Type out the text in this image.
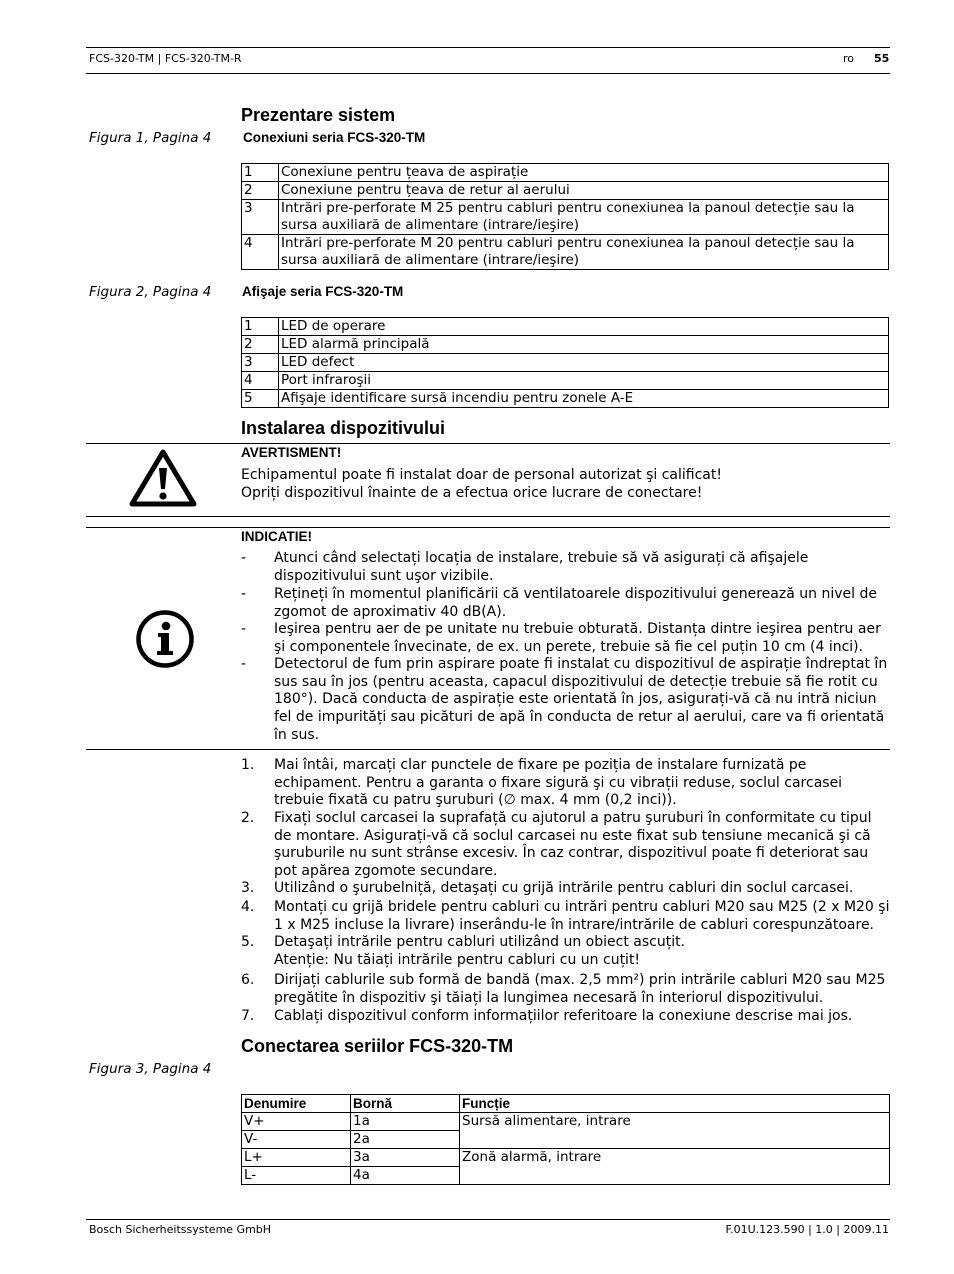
FCS-320-TM | FCS-320-TM-R	ro 55
Prezentare sistem
Figura 1, Pagina 4 Conexiuni seria FCS-320-TM
1	Conexiune pentru țeava de aspirație
2	Conexiune pentru țeava de retur al aerului
3	Intrări pre-perforate M 25 pentru cabluri pentru conexiunea la panoul detecție sau la sursa auxiliară de alimentare (intrare/ieşire)
4	Intrări pre-perforate M 20 pentru cabluri pentru conexiunea la panoul detecție sau la sursa auxiliară de alimentare (intrare/ieşire)
Figura 2, Pagina 4 Afişaje seria FCS-320-TM
1	LED de operare
2	LED alarmă principală
3	LED defect
4	Port infraroşii
5	Afişaje identificare sursă incendiu pentru zonele A-E
Instalarea dispozitivului
AVERTISMENT!
Echipamentul poate fi instalat doar de personal autorizat şi calificat!
Opriți dispozitivul înainte de a efectua orice lucrare de conectare!
INDICATIE!
- Atunci când selectați locația de instalare, trebuie să vă asigurați că afişajele dispozitivului sunt uşor vizibile.
- Rețineți în momentul planificării că ventilatoarele dispozitivului generează un nivel de zgomot de aproximativ 40 dB(A).
- Ieşirea pentru aer de pe unitate nu trebuie obturată. Distanța dintre ieşirea pentru aer şi componentele învecinate, de ex. un perete, trebuie să fie cel puțin 10 cm (4 inci).
- Detectorul de fum prin aspirare poate fi instalat cu dispozitivul de aspirație îndreptat în sus sau în jos (pentru aceasta, capacul dispozitivului de detecție trebuie să fie rotit cu 180°). Dacă conducta de aspirație este orientată în jos, asigurați-vă că nu intră niciun fel de impurități sau picături de apă în conducta de retur al aerului, care va fi orientată în sus.
1. Mai întâi, marcați clar punctele de fixare pe poziția de instalare furnizată pe echipament. Pentru a garanta o fixare sigură şi cu vibrații reduse, soclul carcasei trebuie fixată cu patru şuruburi (∅ max. 4 mm (0,2 inci)).
2. Fixați soclul carcasei la suprafață cu ajutorul a patru şuruburi în conformitate cu tipul de montare. Asigurați-vă că soclul carcasei nu este fixat sub tensiune mecanică şi că şuruburile nu sunt strânse excesiv. În caz contrar, dispozitivul poate fi deteriorat sau pot apărea zgomote secundare.
3. Utilizând o şurubelniță, detaşați cu grijă intrările pentru cabluri din soclul carcasei.
4. Montați cu grijă bridele pentru cabluri cu intrări pentru cabluri M20 sau M25 (2 x M20 şi 1 x M25 incluse la livrare) inserându-le în intrare/intrările de cabluri corespunzătoare.
5. Detaşați intrările pentru cabluri utilizând un obiect ascuțit.
Atenție: Nu tăiați intrările pentru cabluri cu un cuțit!
6. Dirijați cablurile sub formă de bandă (max. 2,5 mm²) prin intrările cabluri M20 sau M25 pregătite în dispozitiv şi tăiați la lungimea necesară în interiorul dispozitivului.
7. Cablați dispozitivul conform informațiilor referitoare la conexiune descrise mai jos.
Conectarea seriilor FCS-320-TM
Figura 3, Pagina 4
Denumire	Bornă	Funcție
V+	1a	Sursă alimentare, intrare
V-	2a	
L+	3a	Zonă alarmă, intrare
L-	4a	
Bosch Sicherheitssysteme GmbH	F.01U.123.590 | 1.0 | 2009.11
